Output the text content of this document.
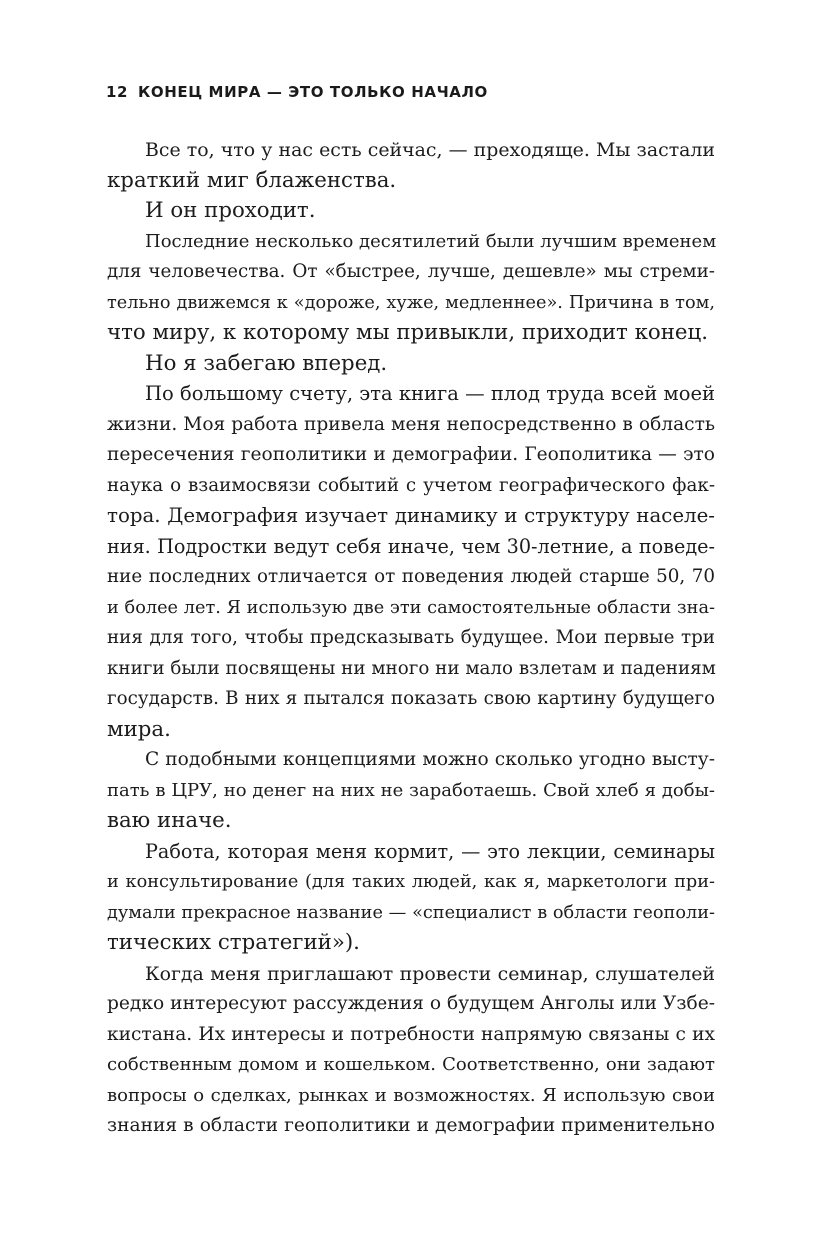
12 КОНЕЦ МИРА — ЭТО ТОЛЬКО НАЧАЛО
Все то, что у нас есть сейчас, — преходяще. Мы застали
краткий миг блаженства.
И он проходит.
Последние несколько десятилетий были лучшим временем
для человечества. От «быстрее, лучше, дешевле» мы стреми-
тельно движемся к «дороже, хуже, медленнее». Причина в том,
что миру, к которому мы привыкли, приходит конец.
Но я забегаю вперед.
По большому счету, эта книга — плод труда всей моей
жизни. Моя работа привела меня непосредственно в область
пересечения геополитики и демографии. Геополитика — это
наука о взаимосвязи событий с учетом географического фак-
тора. Демография изучает динамику и структуру населе-
ния. Подростки ведут себя иначе, чем 30-летние, а поведе-
ние последних отличается от поведения людей старше 50, 70
и более лет. Я использую две эти самостоятельные области зна-
ния для того, чтобы предсказывать будущее. Мои первые три
книги были посвящены ни много ни мало взлетам и падениям
государств. В них я пытался показать свою картину будущего
мира.
С подобными концепциями можно сколько угодно высту-
пать в ЦРУ, но денег на них не заработаешь. Свой хлеб я добы-
ваю иначе.
Работа, которая меня кормит, — это лекции, семинары
и консультирование (для таких людей, как я, маркетологи при-
думали прекрасное название — «специалист в области геополи-
тических стратегий»).
Когда меня приглашают провести семинар, слушателей
редко интересуют рассуждения о будущем Анголы или Узбе-
кистана. Их интересы и потребности напрямую связаны с их
собственным домом и кошельком. Соответственно, они задают
вопросы о сделках, рынках и возможностях. Я использую свои
знания в области геополитики и демографии применительно
